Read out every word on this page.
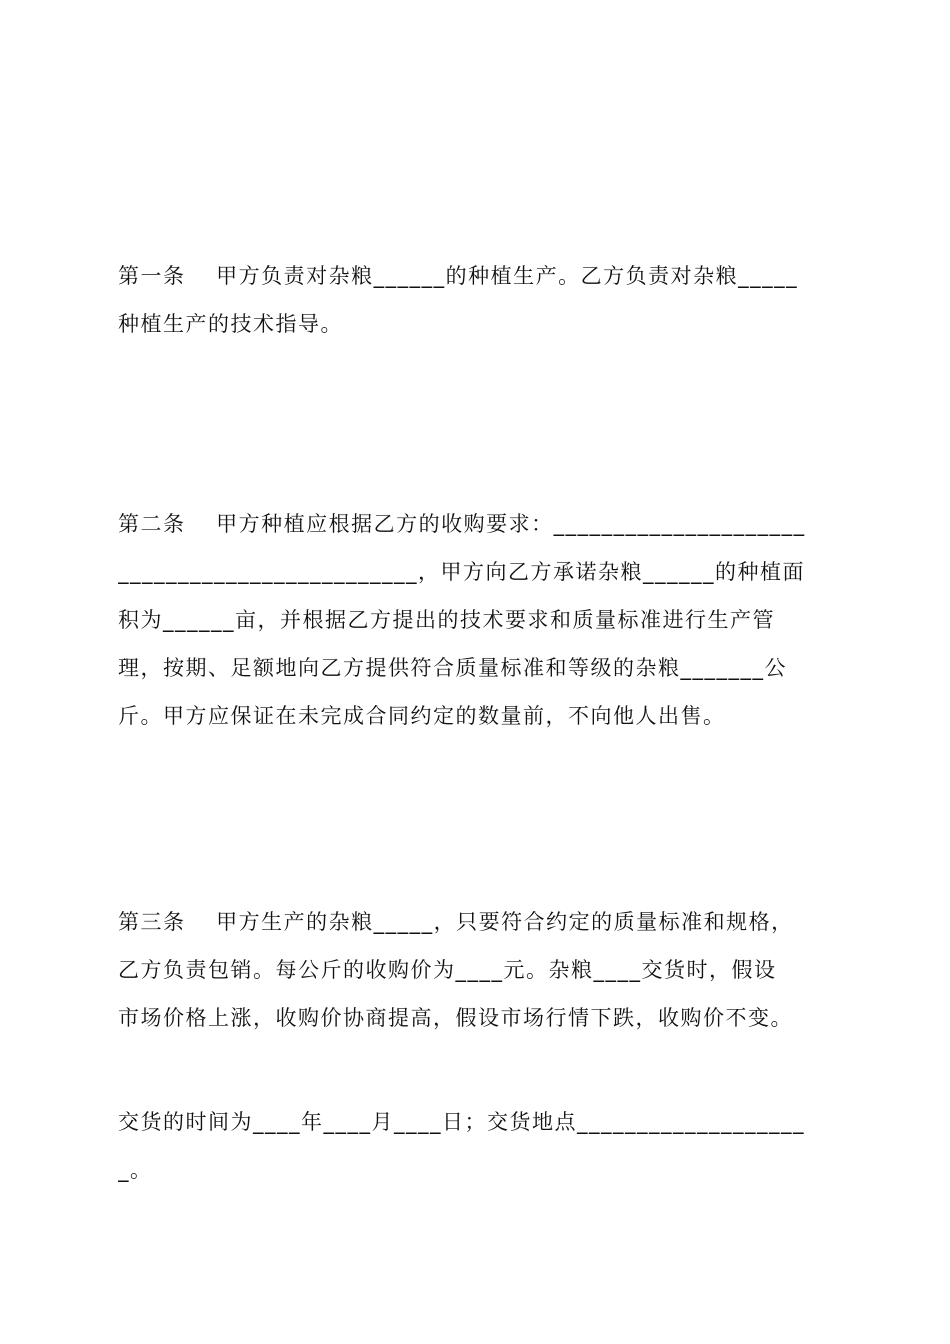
第一条　 甲方负责对杂粮______的种植生产。乙方负责对杂粮_____
种植生产的技术指导。

第二条　 甲方种植应根据乙方的收购要求：_____________________
_________________________，甲方向乙方承诺杂粮______的种植面
积为______亩，并根据乙方提出的技术要求和质量标准进行生产管
理，按期、足额地向乙方提供符合质量标准和等级的杂粮_______公
斤。甲方应保证在未完成合同约定的数量前，不向他人出售。

第三条　 甲方生产的杂粮_____，只要符合约定的质量标准和规格，
乙方负责包销。每公斤的收购价为____元。杂粮____交货时，假设
市场价格上涨，收购价协商提高，假设市场行情下跌，收购价不变。

交货的时间为____年____月____日；交货地点___________________
_。
